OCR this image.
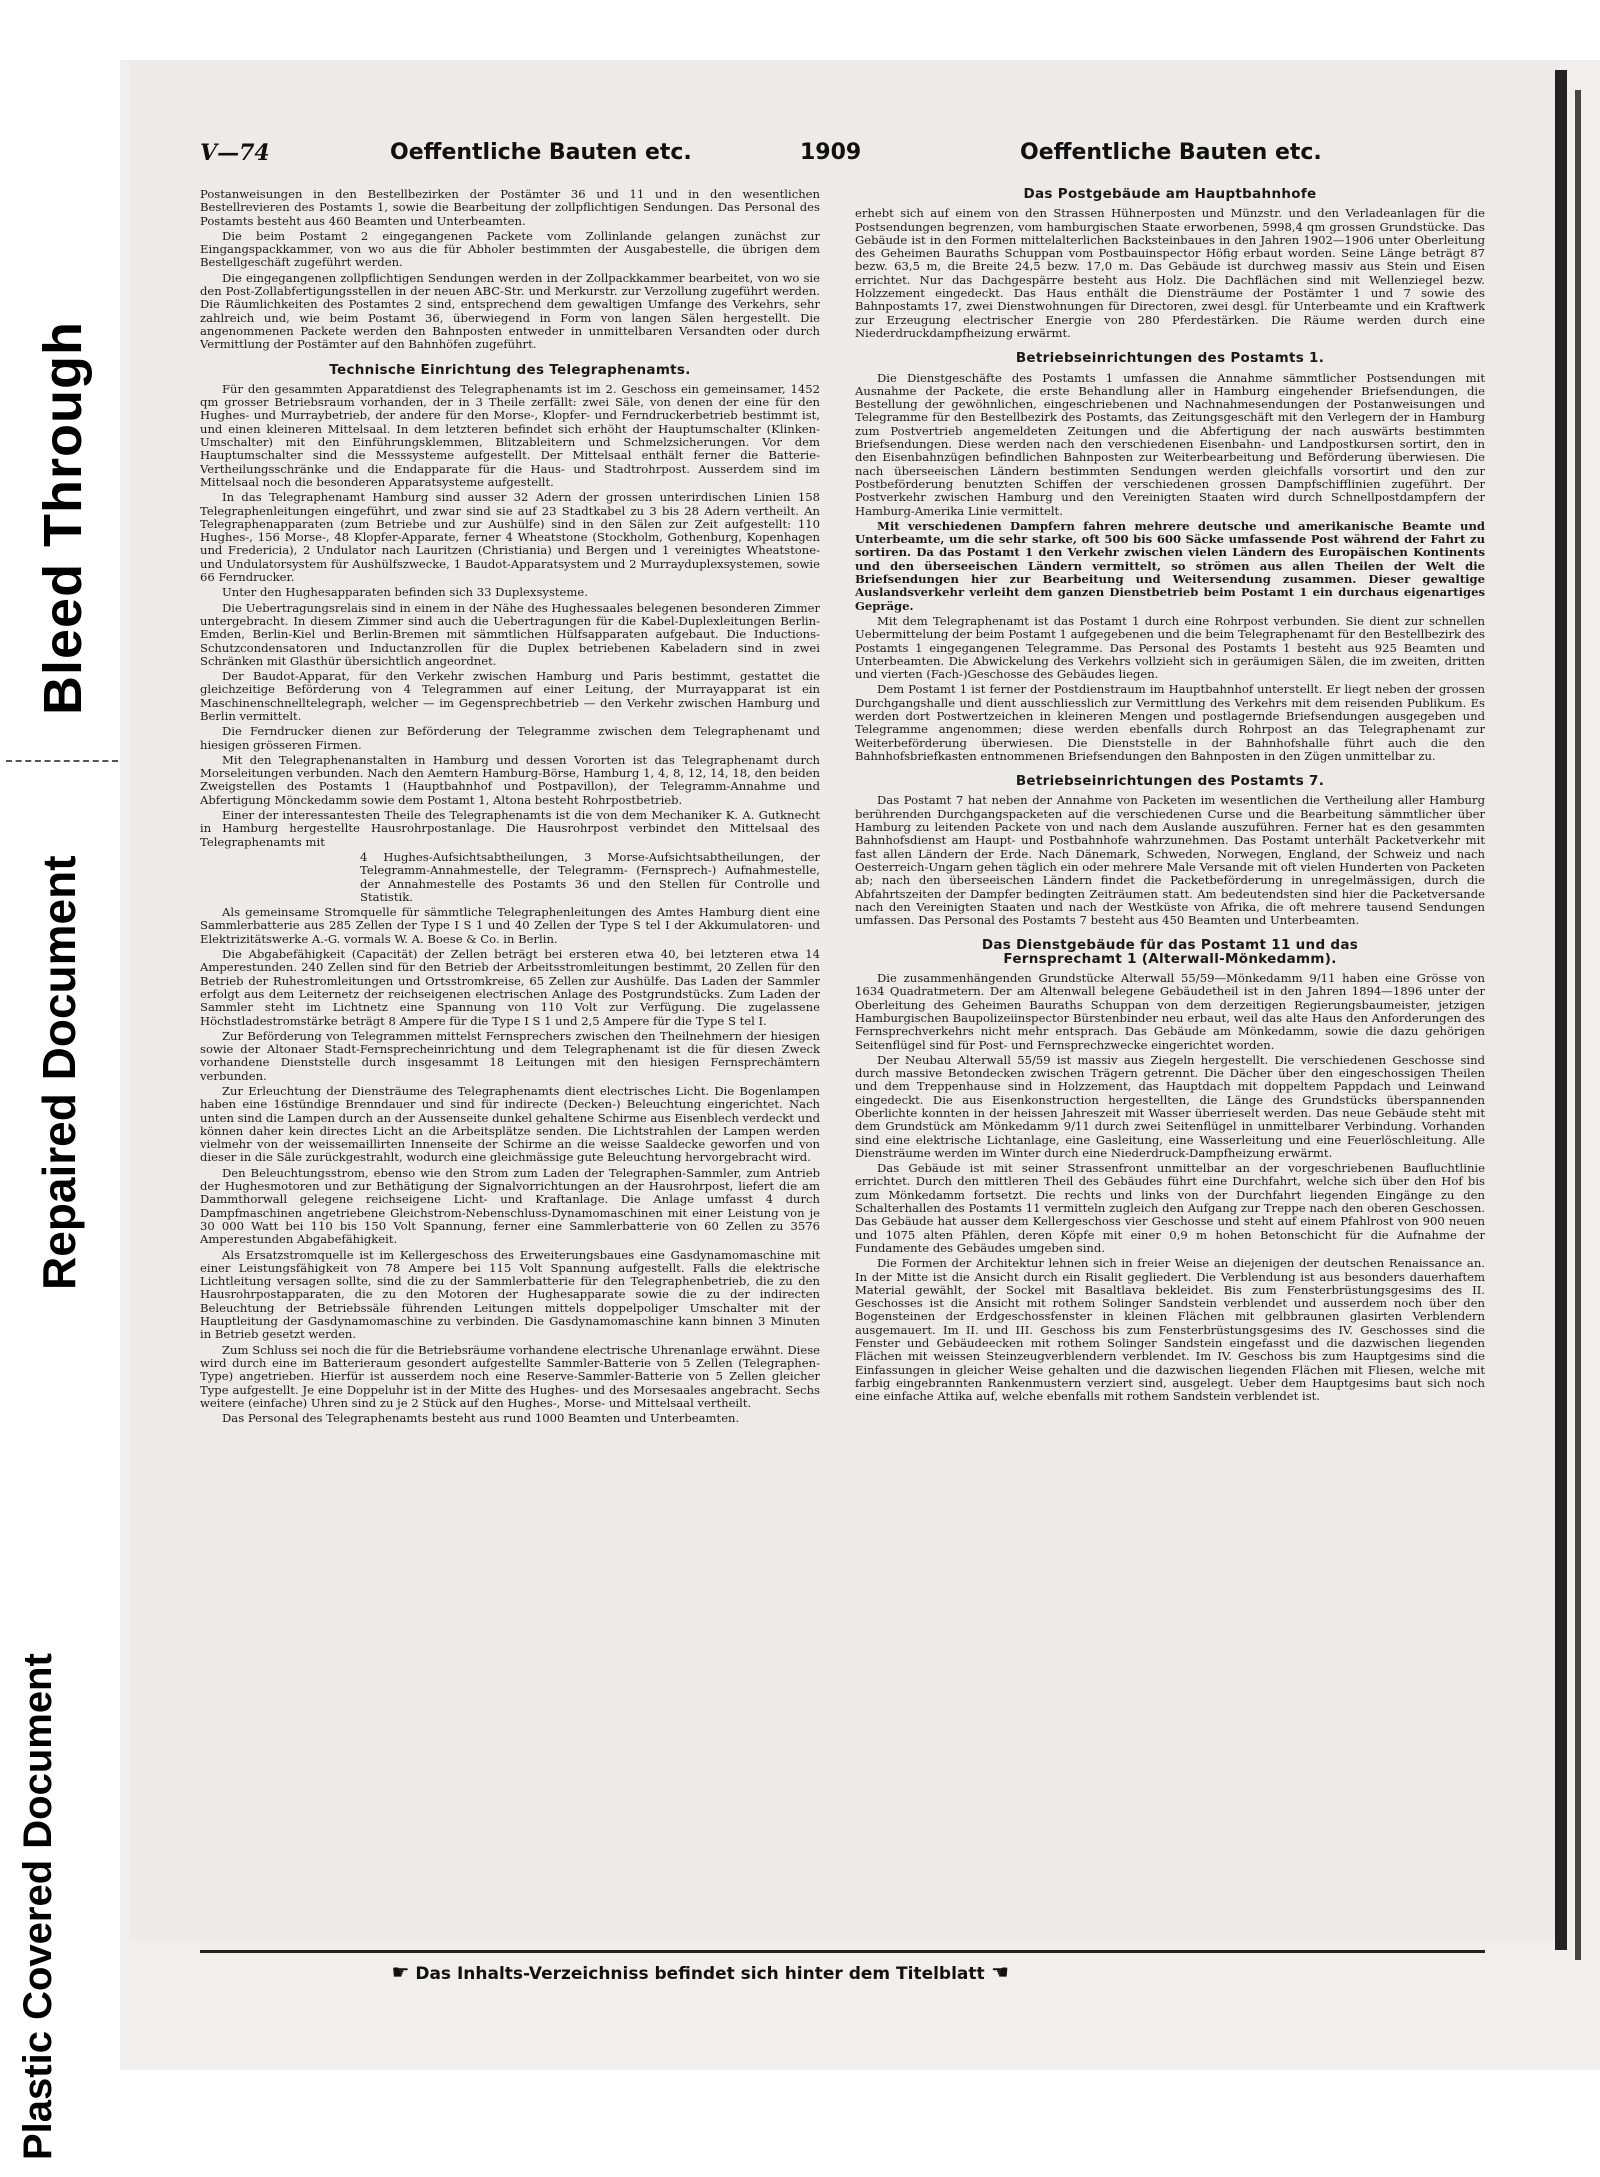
Bleed Through
Repaired Document
Plastic Covered Document
V—74	Oeffentliche Bauten etc.	1909	Oeffentliche Bauten etc.

Postanweisungen in den Bestellbezirken der Postämter 36 und 11 und in den wesentlichen Bestellrevieren des Postamts 1, sowie die Bearbeitung der zollpflichtigen Sendungen. Das Personal des Postamts besteht aus 460 Beamten und Unterbeamten.

Die beim Postamt 2 eingegangenen Packete vom Zollinlande gelangen zunächst zur Eingangspackkammer, von wo aus die für Abholer bestimmten der Ausgabestelle, die übrigen dem Bestellgeschäft zugeführt werden.

Die eingegangenen zollpflichtigen Sendungen werden in der Zollpackkammer bearbeitet, von wo sie den Post-Zollabfertigungsstellen in der neuen ABC-Str. und Merkurstr. zur Verzollung zugeführt werden. Die Räumlichkeiten des Postamtes 2 sind, entsprechend dem gewaltigen Umfange des Verkehrs, sehr zahlreich und, wie beim Postamt 36, überwiegend in Form von langen Sälen hergestellt. Die angenommenen Packete werden den Bahnposten entweder in unmittelbaren Versandten oder durch Vermittlung der Postämter auf den Bahnhöfen zugeführt.

Technische Einrichtung des Telegraphenamts.

Für den gesammten Apparatdienst des Telegraphenamts ist im 2. Geschoss ein gemeinsamer, 1452 qm grosser Betriebsraum vorhanden, der in 3 Theile zerfällt: zwei Säle, von denen der eine für den Hughes- und Murraybetrieb, der andere für den Morse-, Klopfer- und Ferndruckerbetrieb bestimmt ist, und einen kleineren Mittelsaal. In dem letzteren befindet sich erhöht der Hauptumschalter (Klinken-Umschalter) mit den Einführungsklemmen, Blitzableitern und Schmelzsicherungen. Vor dem Hauptumschalter sind die Messsysteme aufgestellt. Der Mittelsaal enthält ferner die Batterie-Vertheilungsschränke und die Endapparate für die Haus- und Stadtrohrpost. Ausserdem sind im Mittelsaal noch die besonderen Apparatsysteme aufgestellt.

In das Telegraphenamt Hamburg sind ausser 32 Adern der grossen unterirdischen Linien 158 Telegraphenleitungen eingeführt, und zwar sind sie auf 23 Stadtkabel zu 3 bis 28 Adern vertheilt. An Telegraphenapparaten (zum Betriebe und zur Aushülfe) sind in den Sälen zur Zeit aufgestellt: 110 Hughes-, 156 Morse-, 48 Klopfer-Apparate, ferner 4 Wheatstone (Stockholm, Gothenburg, Kopenhagen und Fredericia), 2 Undulator nach Lauritzen (Christiania) und Bergen und 1 vereinigtes Wheatstone- und Undulatorsystem für Aushülfszwecke, 1 Baudot-Apparatsystem und 2 Murrayduplexsystemen, sowie 66 Ferndrucker.

Unter den Hughesapparaten befinden sich 33 Duplexsysteme.

Die Uebertragungsrelais sind in einem in der Nähe des Hughessaales belegenen besonderen Zimmer untergebracht. In diesem Zimmer sind auch die Uebertragungen für die Kabel-Duplexleitungen Berlin-Emden, Berlin-Kiel und Berlin-Bremen mit sämmtlichen Hülfsapparaten aufgebaut. Die Inductions-Schutzcondensatoren und Inductanzrollen für die Duplex betriebenen Kabeladern sind in zwei Schränken mit Glasthür übersichtlich angeordnet.

Der Baudot-Apparat, für den Verkehr zwischen Hamburg und Paris bestimmt, gestattet die gleichzeitige Beförderung von 4 Telegrammen auf einer Leitung, der Murrayapparat ist ein Maschinenschnelltelegraph, welcher — im Gegensprechbetrieb — den Verkehr zwischen Hamburg und Berlin vermittelt.

Die Ferndrucker dienen zur Beförderung der Telegramme zwischen dem Telegraphenamt und hiesigen grösseren Firmen.

Mit den Telegraphenanstalten in Hamburg und dessen Vororten ist das Telegraphenamt durch Morseleitungen verbunden. Nach den Aemtern Hamburg-Börse, Hamburg 1, 4, 8, 12, 14, 18, den beiden Zweigstellen des Postamts 1 (Hauptbahnhof und Postpavillon), der Telegramm-Annahme und Abfertigung Mönckedamm sowie dem Postamt 1, Altona besteht Rohrpostbetrieb.

Einer der interessantesten Theile des Telegraphenamts ist die von dem Mechaniker K. A. Gutknecht in Hamburg hergestellte Hausrohrpostanlage. Die Hausrohrpost verbindet den Mittelsaal des Telegraphenamts mit

4 Hughes-Aufsichtsabtheilungen, 3 Morse-Aufsichtsabtheilungen, der Telegramm-Annahmestelle, der Telegramm- (Fernsprech-) Aufnahmestelle, der Annahmestelle des Postamts 36 und den Stellen für Controlle und Statistik.

Als gemeinsame Stromquelle für sämmtliche Telegraphenleitungen des Amtes Hamburg dient eine Sammlerbatterie aus 285 Zellen der Type I S 1 und 40 Zellen der Type S tel I der Akkumulatoren- und Elektrizitätswerke A.-G. vormals W. A. Boese & Co. in Berlin.

Die Abgabefähigkeit (Capacität) der Zellen beträgt bei ersteren etwa 40, bei letzteren etwa 14 Amperestunden. 240 Zellen sind für den Betrieb der Arbeitsstromleitungen bestimmt, 20 Zellen für den Betrieb der Ruhestromleitungen und Ortsstromkreise, 65 Zellen zur Aushülfe. Das Laden der Sammler erfolgt aus dem Leiternetz der reichseigenen electrischen Anlage des Postgrundstücks. Zum Laden der Sammler steht im Lichtnetz eine Spannung von 110 Volt zur Verfügung. Die zugelassene Höchstladestromstärke beträgt 8 Ampere für die Type I S 1 und 2,5 Ampere für die Type S tel I.

Zur Beförderung von Telegrammen mittelst Fernsprechers zwischen den Theilnehmern der hiesigen sowie der Altonaer Stadt-Fernsprecheinrichtung und dem Telegraphenamt ist die für diesen Zweck vorhandene Dienststelle durch insgesammt 18 Leitungen mit den hiesigen Fernsprechämtern verbunden.

Zur Erleuchtung der Diensträume des Telegraphenamts dient electrisches Licht. Die Bogenlampen haben eine 16stündige Brenndauer und sind für indirecte (Decken-) Beleuchtung eingerichtet. Nach unten sind die Lampen durch an der Aussenseite dunkel gehaltene Schirme aus Eisenblech verdeckt und können daher kein directes Licht an die Arbeitsplätze senden. Die Lichtstrahlen der Lampen werden vielmehr von der weissemaillirten Innenseite der Schirme an die weisse Saaldecke geworfen und von dieser in die Säle zurückgestrahlt, wodurch eine gleichmässige gute Beleuchtung hervorgebracht wird.

Den Beleuchtungsstrom, ebenso wie den Strom zum Laden der Telegraphen-Sammler, zum Antrieb der Hughesmotoren und zur Bethätigung der Signalvorrichtungen an der Hausrohrpost, liefert die am Dammthorwall gelegene reichseigene Licht- und Kraftanlage. Die Anlage umfasst 4 durch Dampfmaschinen angetriebene Gleichstrom-Nebenschluss-Dynamomaschinen mit einer Leistung von je 30 000 Watt bei 110 bis 150 Volt Spannung, ferner eine Sammlerbatterie von 60 Zellen zu 3576 Amperestunden Abgabefähigkeit.

Als Ersatzstromquelle ist im Kellergeschoss des Erweiterungsbaues eine Gasdynamomaschine mit einer Leistungsfähigkeit von 78 Ampere bei 115 Volt Spannung aufgestellt. Falls die elektrische Lichtleitung versagen sollte, sind die zu der Sammlerbatterie für den Telegraphenbetrieb, die zu den Hausrohrpostapparaten, die zu den Motoren der Hughesapparate sowie die zu der indirecten Beleuchtung der Betriebssäle führenden Leitungen mittels doppelpoliger Umschalter mit der Hauptleitung der Gasdynamomaschine zu verbinden. Die Gasdynamomaschine kann binnen 3 Minuten in Betrieb gesetzt werden.

Zum Schluss sei noch die für die Betriebsräume vorhandene electrische Uhrenanlage erwähnt. Diese wird durch eine im Batterieraum gesondert aufgestellte Sammler-Batterie von 5 Zellen (Telegraphen-Type) angetrieben. Hierfür ist ausserdem noch eine Reserve-Sammler-Batterie von 5 Zellen gleicher Type aufgestellt. Je eine Doppeluhr ist in der Mitte des Hughes- und des Morsesaales angebracht. Sechs weitere (einfache) Uhren sind zu je 2 Stück auf den Hughes-, Morse- und Mittelsaal vertheilt.

Das Personal des Telegraphenamts besteht aus rund 1000 Beamten und Unterbeamten.

Das Postgebäude am Hauptbahnhofe

erhebt sich auf einem von den Strassen Hühnerposten und Münzstr. und den Verladeanlagen für die Postsendungen begrenzen, vom hamburgischen Staate erworbenen, 5998,4 qm grossen Grundstücke. Das Gebäude ist in den Formen mittelalterlichen Backsteinbaues in den Jahren 1902—1906 unter Oberleitung des Geheimen Bauraths Schuppan vom Postbauinspector Höfig erbaut worden. Seine Länge beträgt 87 bezw. 63,5 m, die Breite 24,5 bezw. 17,0 m. Das Gebäude ist durchweg massiv aus Stein und Eisen errichtet. Nur das Dachgespärre besteht aus Holz. Die Dachflächen sind mit Wellenziegel bezw. Holzzement eingedeckt. Das Haus enthält die Diensträume der Postämter 1 und 7 sowie des Bahnpostamts 17, zwei Dienstwohnungen für Directoren, zwei desgl. für Unterbeamte und ein Kraftwerk zur Erzeugung electrischer Energie von 280 Pferdestärken. Die Räume werden durch eine Niederdruckdampfheizung erwärmt.

Betriebseinrichtungen des Postamts 1.

Die Dienstgeschäfte des Postamts 1 umfassen die Annahme sämmtlicher Postsendungen mit Ausnahme der Packete, die erste Behandlung aller in Hamburg eingehender Briefsendungen, die Bestellung der gewöhnlichen, eingeschriebenen und Nachnahmesendungen der Postanweisungen und Telegramme für den Bestellbezirk des Postamts, das Zeitungsgeschäft mit den Verlegern der in Hamburg zum Postvertrieb angemeldeten Zeitungen und die Abfertigung der nach auswärts bestimmten Briefsendungen. Diese werden nach den verschiedenen Eisenbahn- und Landpostkursen sortirt, den in den Eisenbahnzügen befindlichen Bahnposten zur Weiterbearbeitung und Beförderung überwiesen. Die nach überseeischen Ländern bestimmten Sendungen werden gleichfalls vorsortirt und den zur Postbeförderung benutzten Schiffen der verschiedenen grossen Dampfschifflinien zugeführt. Der Postverkehr zwischen Hamburg und den Vereinigten Staaten wird durch Schnellpostdampfern der Hamburg-Amerika Linie vermittelt.

Mit verschiedenen Dampfern fahren mehrere deutsche und amerikanische Beamte und Unterbeamte, um die sehr starke, oft 500 bis 600 Säcke umfassende Post während der Fahrt zu sortiren. Da das Postamt 1 den Verkehr zwischen vielen Ländern des Europäischen Kontinents und den überseeischen Ländern vermittelt, so strömen aus allen Theilen der Welt die Briefsendungen hier zur Bearbeitung und Weitersendung zusammen. Dieser gewaltige Auslandsverkehr verleiht dem ganzen Dienstbetrieb beim Postamt 1 ein durchaus eigenartiges Gepräge.

Mit dem Telegraphenamt ist das Postamt 1 durch eine Rohrpost verbunden. Sie dient zur schnellen Uebermittelung der beim Postamt 1 aufgegebenen und die beim Telegraphenamt für den Bestellbezirk des Postamts 1 eingegangenen Telegramme. Das Personal des Postamts 1 besteht aus 925 Beamten und Unterbeamten. Die Abwickelung des Verkehrs vollzieht sich in geräumigen Sälen, die im zweiten, dritten und vierten (Fach-)Geschosse des Gebäudes liegen.

Dem Postamt 1 ist ferner der Postdienstraum im Hauptbahnhof unterstellt. Er liegt neben der grossen Durchgangshalle und dient ausschliesslich zur Vermittlung des Verkehrs mit dem reisenden Publikum. Es werden dort Postwertzeichen in kleineren Mengen und postlagernde Briefsendungen ausgegeben und Telegramme angenommen; diese werden ebenfalls durch Rohrpost an das Telegraphenamt zur Weiterbeförderung überwiesen. Die Dienststelle in der Bahnhofshalle führt auch die den Bahnhofsbriefkasten entnommenen Briefsendungen den Bahnposten in den Zügen unmittelbar zu.

Betriebseinrichtungen des Postamts 7.

Das Postamt 7 hat neben der Annahme von Packeten im wesentlichen die Vertheilung aller Hamburg berührenden Durchgangspacketen auf die verschiedenen Curse und die Bearbeitung sämmtlicher über Hamburg zu leitenden Packete von und nach dem Auslande auszuführen. Ferner hat es den gesammten Bahnhofsdienst am Haupt- und Postbahnhofe wahrzunehmen. Das Postamt unterhält Packetverkehr mit fast allen Ländern der Erde. Nach Dänemark, Schweden, Norwegen, England, der Schweiz und nach Oesterreich-Ungarn gehen täglich ein oder mehrere Male Versande mit oft vielen Hunderten von Packeten ab; nach den überseeischen Ländern findet die Packetbeförderung in unregelmässigen, durch die Abfahrtszeiten der Dampfer bedingten Zeiträumen statt. Am bedeutendsten sind hier die Packetversande nach den Vereinigten Staaten und nach der Westküste von Afrika, die oft mehrere tausend Sendungen umfassen. Das Personal des Postamts 7 besteht aus 450 Beamten und Unterbeamten.

Das Dienstgebäude für das Postamt 11 und das
Fernsprechamt 1 (Alterwall-Mönkedamm).

Die zusammenhängenden Grundstücke Alterwall 55/59—Mönkedamm 9/11 haben eine Grösse von 1634 Quadratmetern. Der am Altenwall belegene Gebäudetheil ist in den Jahren 1894—1896 unter der Oberleitung des Geheimen Bauraths Schuppan von dem derzeitigen Regierungsbaumeister, jetzigen Hamburgischen Baupolizeiinspector Bürstenbinder neu erbaut, weil das alte Haus den Anforderungen des Fernsprechverkehrs nicht mehr entsprach. Das Gebäude am Mönkedamm, sowie die dazu gehörigen Seitenflügel sind für Post- und Fernsprechzwecke eingerichtet worden.

Der Neubau Alterwall 55/59 ist massiv aus Ziegeln hergestellt. Die verschiedenen Geschosse sind durch massive Betondecken zwischen Trägern getrennt. Die Dächer über den eingeschossigen Theilen und dem Treppenhause sind in Holzzement, das Hauptdach mit doppeltem Pappdach und Leinwand eingedeckt. Die aus Eisenkonstruction hergestellten, die Länge des Grundstücks überspannenden Oberlichte konnten in der heissen Jahreszeit mit Wasser überrieselt werden. Das neue Gebäude steht mit dem Grundstück am Mönkedamm 9/11 durch zwei Seitenflügel in unmittelbarer Verbindung. Vorhanden sind eine elektrische Lichtanlage, eine Gasleitung, eine Wasserleitung und eine Feuerlöschleitung. Alle Diensträume werden im Winter durch eine Niederdruck-Dampfheizung erwärmt.

Das Gebäude ist mit seiner Strassenfront unmittelbar an der vorgeschriebenen Baufluchtlinie errichtet. Durch den mittleren Theil des Gebäudes führt eine Durchfahrt, welche sich über den Hof bis zum Mönkedamm fortsetzt. Die rechts und links von der Durchfahrt liegenden Eingänge zu den Schalterhallen des Postamts 11 vermitteln zugleich den Aufgang zur Treppe nach den oberen Geschossen. Das Gebäude hat ausser dem Kellergeschoss vier Geschosse und steht auf einem Pfahlrost von 900 neuen und 1075 alten Pfählen, deren Köpfe mit einer 0,9 m hohen Betonschicht für die Aufnahme der Fundamente des Gebäudes umgeben sind.

Die Formen der Architektur lehnen sich in freier Weise an diejenigen der deutschen Renaissance an. In der Mitte ist die Ansicht durch ein Risalit gegliedert. Die Verblendung ist aus besonders dauerhaftem Material gewählt, der Sockel mit Basaltlava bekleidet. Bis zum Fensterbrüstungsgesims des II. Geschosses ist die Ansicht mit rothem Solinger Sandstein verblendet und ausserdem noch über den Bogensteinen der Erdgeschossfenster in kleinen Flächen mit gelbbraunen glasirten Verblendern ausgemauert. Im II. und III. Geschoss bis zum Fensterbrüstungsgesims des IV. Geschosses sind die Fenster und Gebäudeecken mit rothem Solinger Sandstein eingefasst und die dazwischen liegenden Flächen mit weissen Steinzeugverblendern verblendet. Im IV. Geschoss bis zum Hauptgesims sind die Einfassungen in gleicher Weise gehalten und die dazwischen liegenden Flächen mit Fliesen, welche mit farbig eingebrannten Rankenmustern verziert sind, ausgelegt. Ueber dem Hauptgesims baut sich noch eine einfache Attika auf, welche ebenfalls mit rothem Sandstein verblendet ist.

☛ Das Inhalts-Verzeichniss befindet sich hinter dem Titelblatt ☛
